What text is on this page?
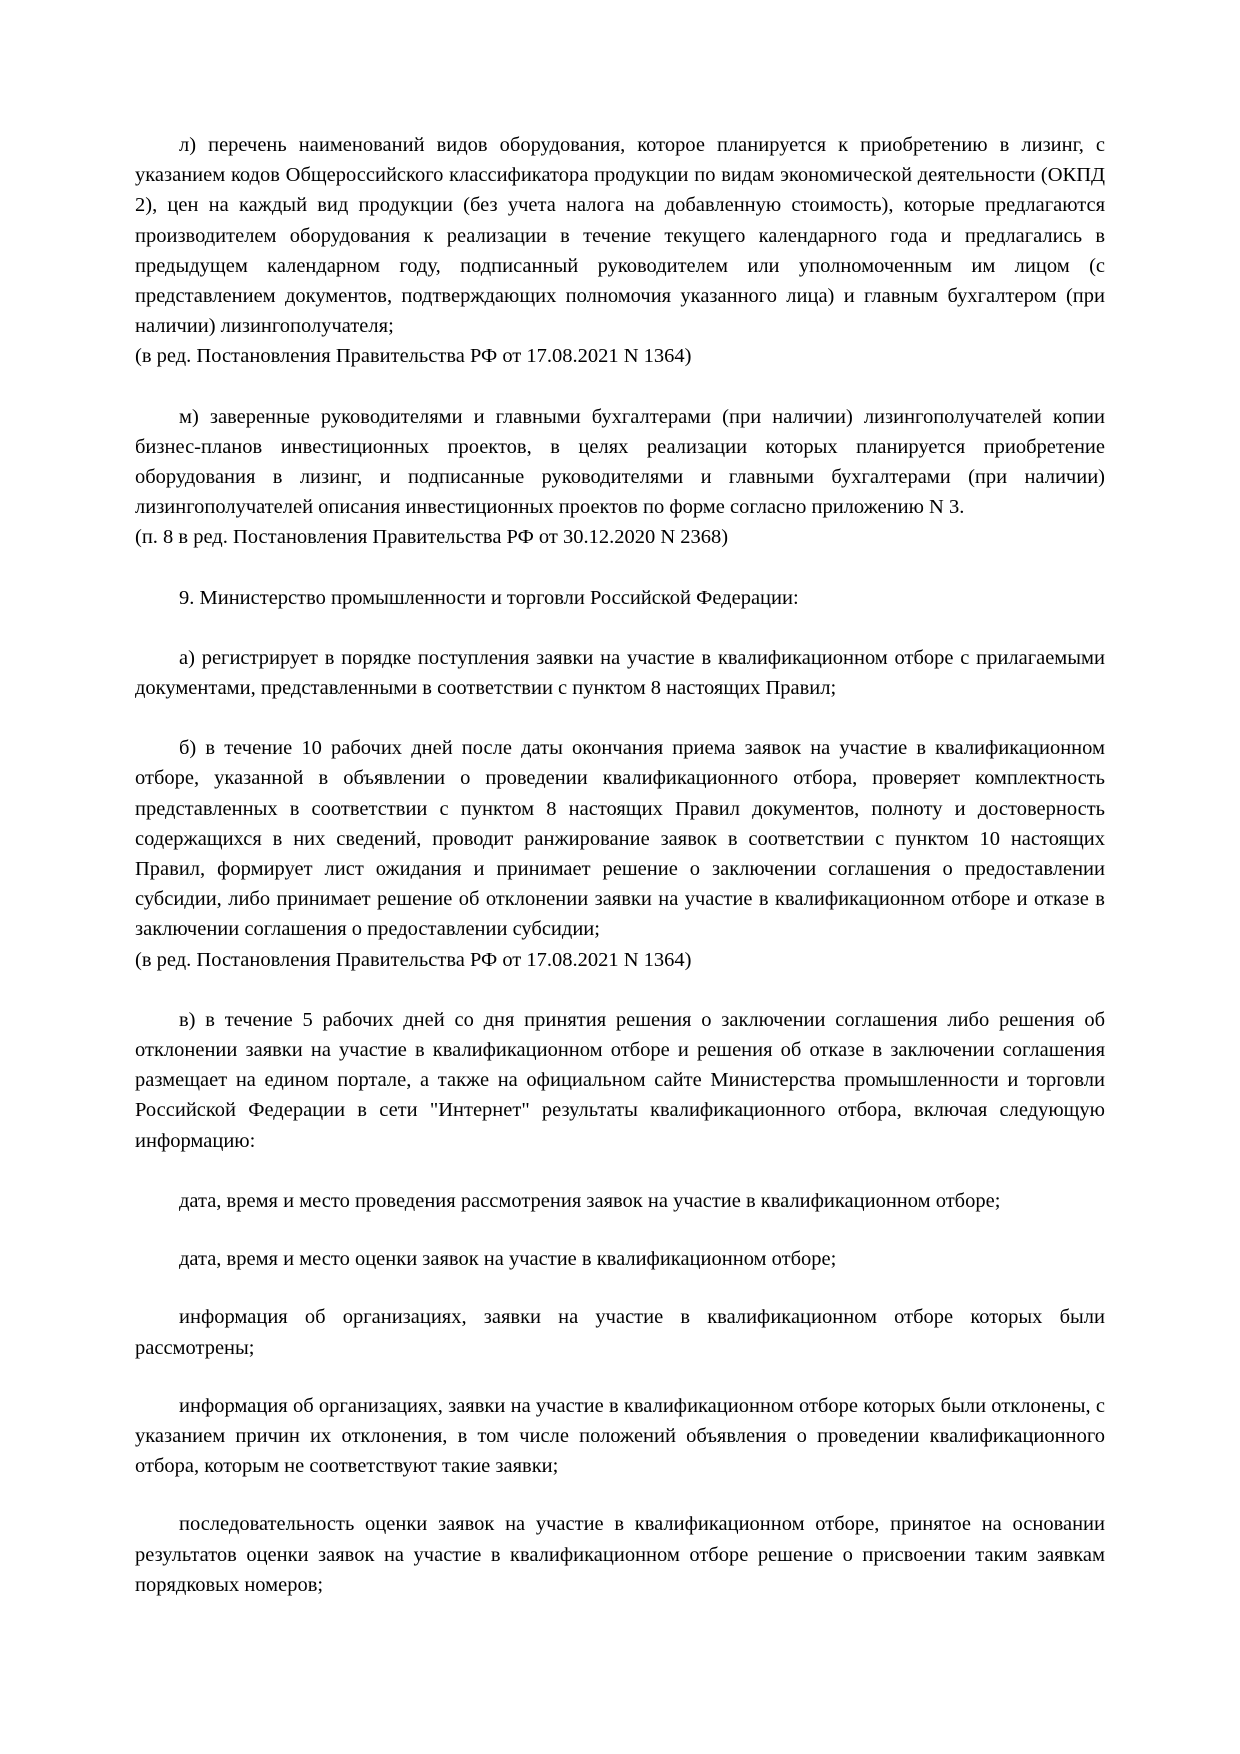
л) перечень наименований видов оборудования, которое планируется к приобретению в лизинг, с указанием кодов Общероссийского классификатора продукции по видам экономической деятельности (ОКПД 2), цен на каждый вид продукции (без учета налога на добавленную стоимость), которые предлагаются производителем оборудования к реализации в течение текущего календарного года и предлагались в предыдущем календарном году, подписанный руководителем или уполномоченным им лицом (с представлением документов, подтверждающих полномочия указанного лица) и главным бухгалтером (при наличии) лизингополучателя;

(в ред. Постановления Правительства РФ от 17.08.2021 N 1364)

м) заверенные руководителями и главными бухгалтерами (при наличии) лизингополучателей копии бизнес-планов инвестиционных проектов, в целях реализации которых планируется приобретение оборудования в лизинг, и подписанные руководителями и главными бухгалтерами (при наличии) лизингополучателей описания инвестиционных проектов по форме согласно приложению N 3.

(п. 8 в ред. Постановления Правительства РФ от 30.12.2020 N 2368)

9. Министерство промышленности и торговли Российской Федерации:

а) регистрирует в порядке поступления заявки на участие в квалификационном отборе с прилагаемыми документами, представленными в соответствии с пунктом 8 настоящих Правил;

б) в течение 10 рабочих дней после даты окончания приема заявок на участие в квалификационном отборе, указанной в объявлении о проведении квалификационного отбора, проверяет комплектность представленных в соответствии с пунктом 8 настоящих Правил документов, полноту и достоверность содержащихся в них сведений, проводит ранжирование заявок в соответствии с пунктом 10 настоящих Правил, формирует лист ожидания и принимает решение о заключении соглашения о предоставлении субсидии, либо принимает решение об отклонении заявки на участие в квалификационном отборе и отказе в заключении соглашения о предоставлении субсидии;

(в ред. Постановления Правительства РФ от 17.08.2021 N 1364)

в) в течение 5 рабочих дней со дня принятия решения о заключении соглашения либо решения об отклонении заявки на участие в квалификационном отборе и решения об отказе в заключении соглашения размещает на едином портале, а также на официальном сайте Министерства промышленности и торговли Российской Федерации в сети "Интернет" результаты квалификационного отбора, включая следующую информацию:

дата, время и место проведения рассмотрения заявок на участие в квалификационном отборе;

дата, время и место оценки заявок на участие в квалификационном отборе;

информация об организациях, заявки на участие в квалификационном отборе которых были рассмотрены;

информация об организациях, заявки на участие в квалификационном отборе которых были отклонены, с указанием причин их отклонения, в том числе положений объявления о проведении квалификационного отбора, которым не соответствуют такие заявки;

последовательность оценки заявок на участие в квалификационном отборе, принятое на основании результатов оценки заявок на участие в квалификационном отборе решение о присвоении таким заявкам порядковых номеров;
